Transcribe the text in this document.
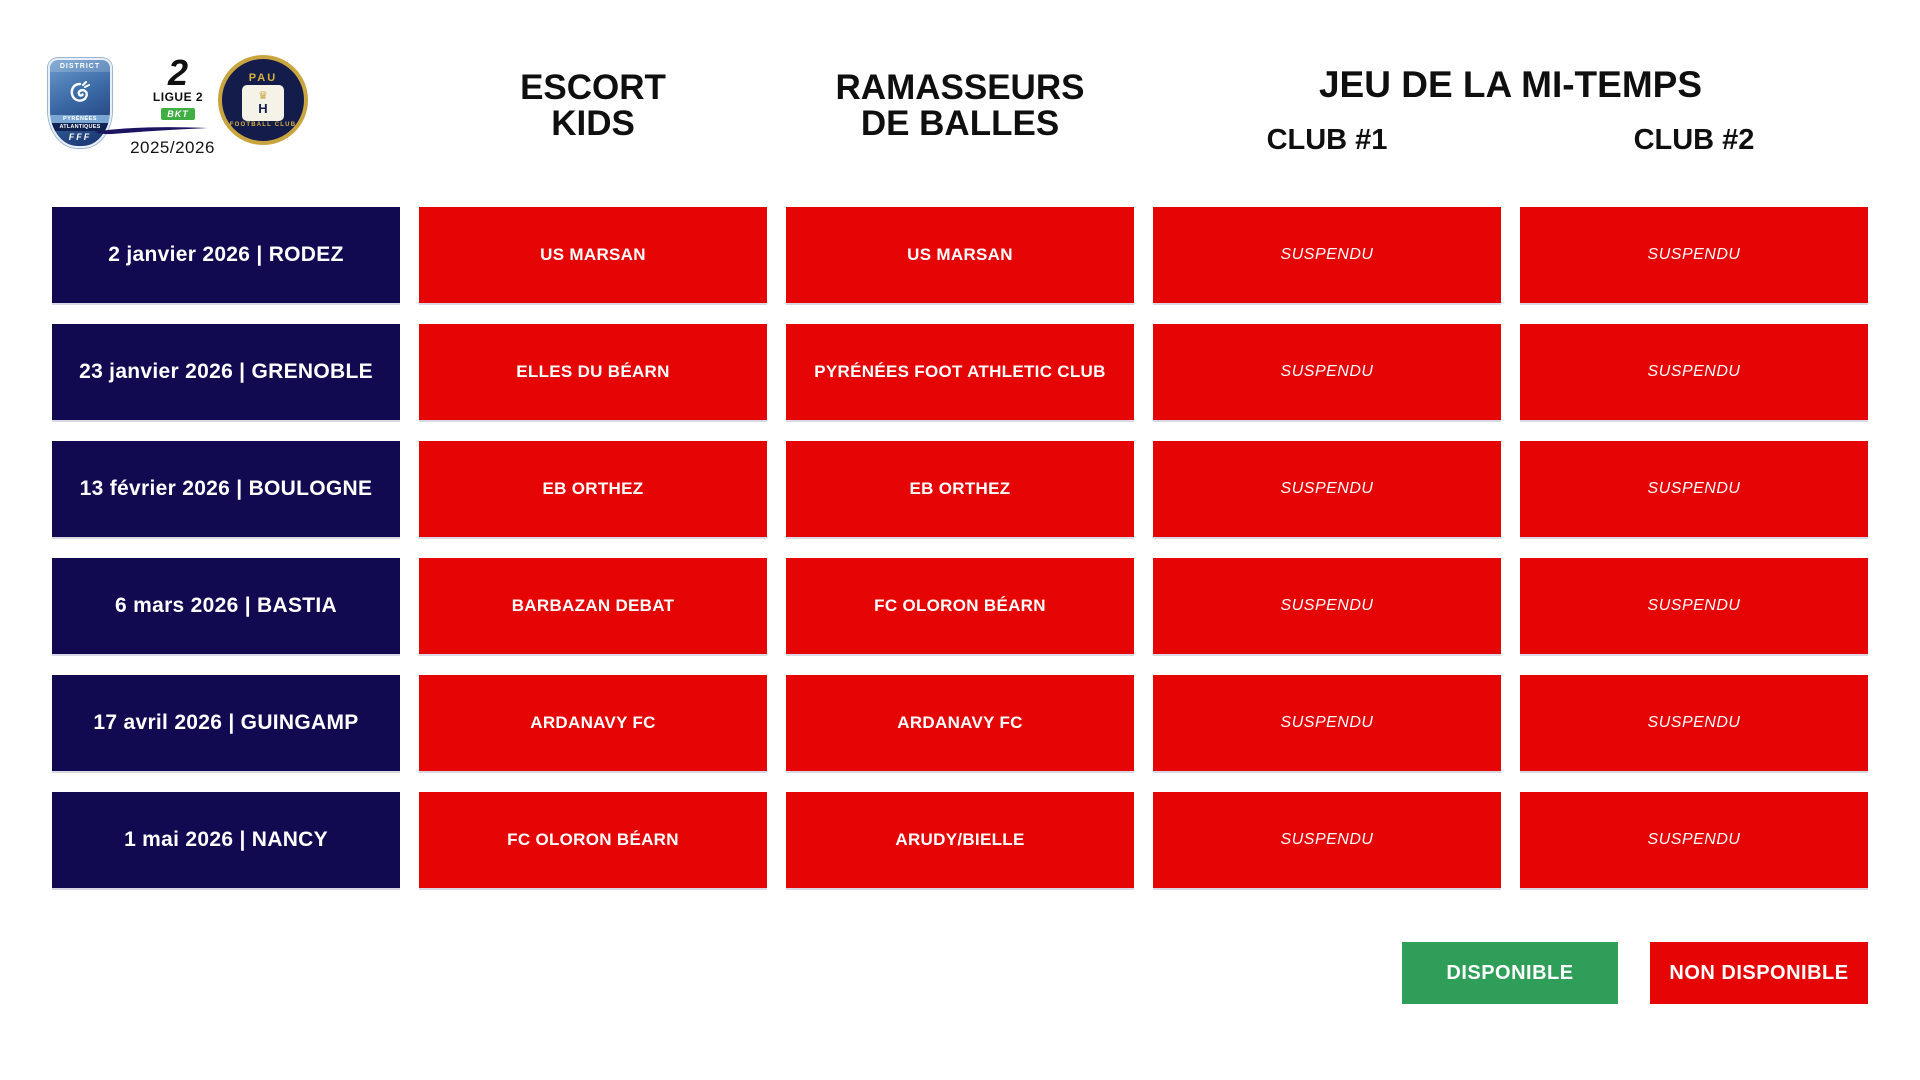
DISTRICT
PYRÉNÉES
ATLANTIQUES
FFF
2
LIGUE 2
BKT
2025/2026
PAU
♛
H
FOOTBALL CLUB
ESCORT
KIDS
RAMASSEURS
DE BALLES
JEU DE LA MI-TEMPS
CLUB #1	CLUB #2
2 janvier 2026 | RODEZ	US MARSAN	US MARSAN	SUSPENDU	SUSPENDU
23 janvier 2026 | GRENOBLE	ELLES DU BÉARN	PYRÉNÉES FOOT ATHLETIC CLUB	SUSPENDU	SUSPENDU
13 février 2026 | BOULOGNE	EB ORTHEZ	EB ORTHEZ	SUSPENDU	SUSPENDU
6 mars 2026 | BASTIA	BARBAZAN DEBAT	FC OLORON BÉARN	SUSPENDU	SUSPENDU
17 avril 2026 | GUINGAMP	ARDANAVY FC	ARDANAVY FC	SUSPENDU	SUSPENDU
1 mai 2026 | NANCY	FC OLORON BÉARN	ARUDY/BIELLE	SUSPENDU	SUSPENDU
DISPONIBLE	NON DISPONIBLE
